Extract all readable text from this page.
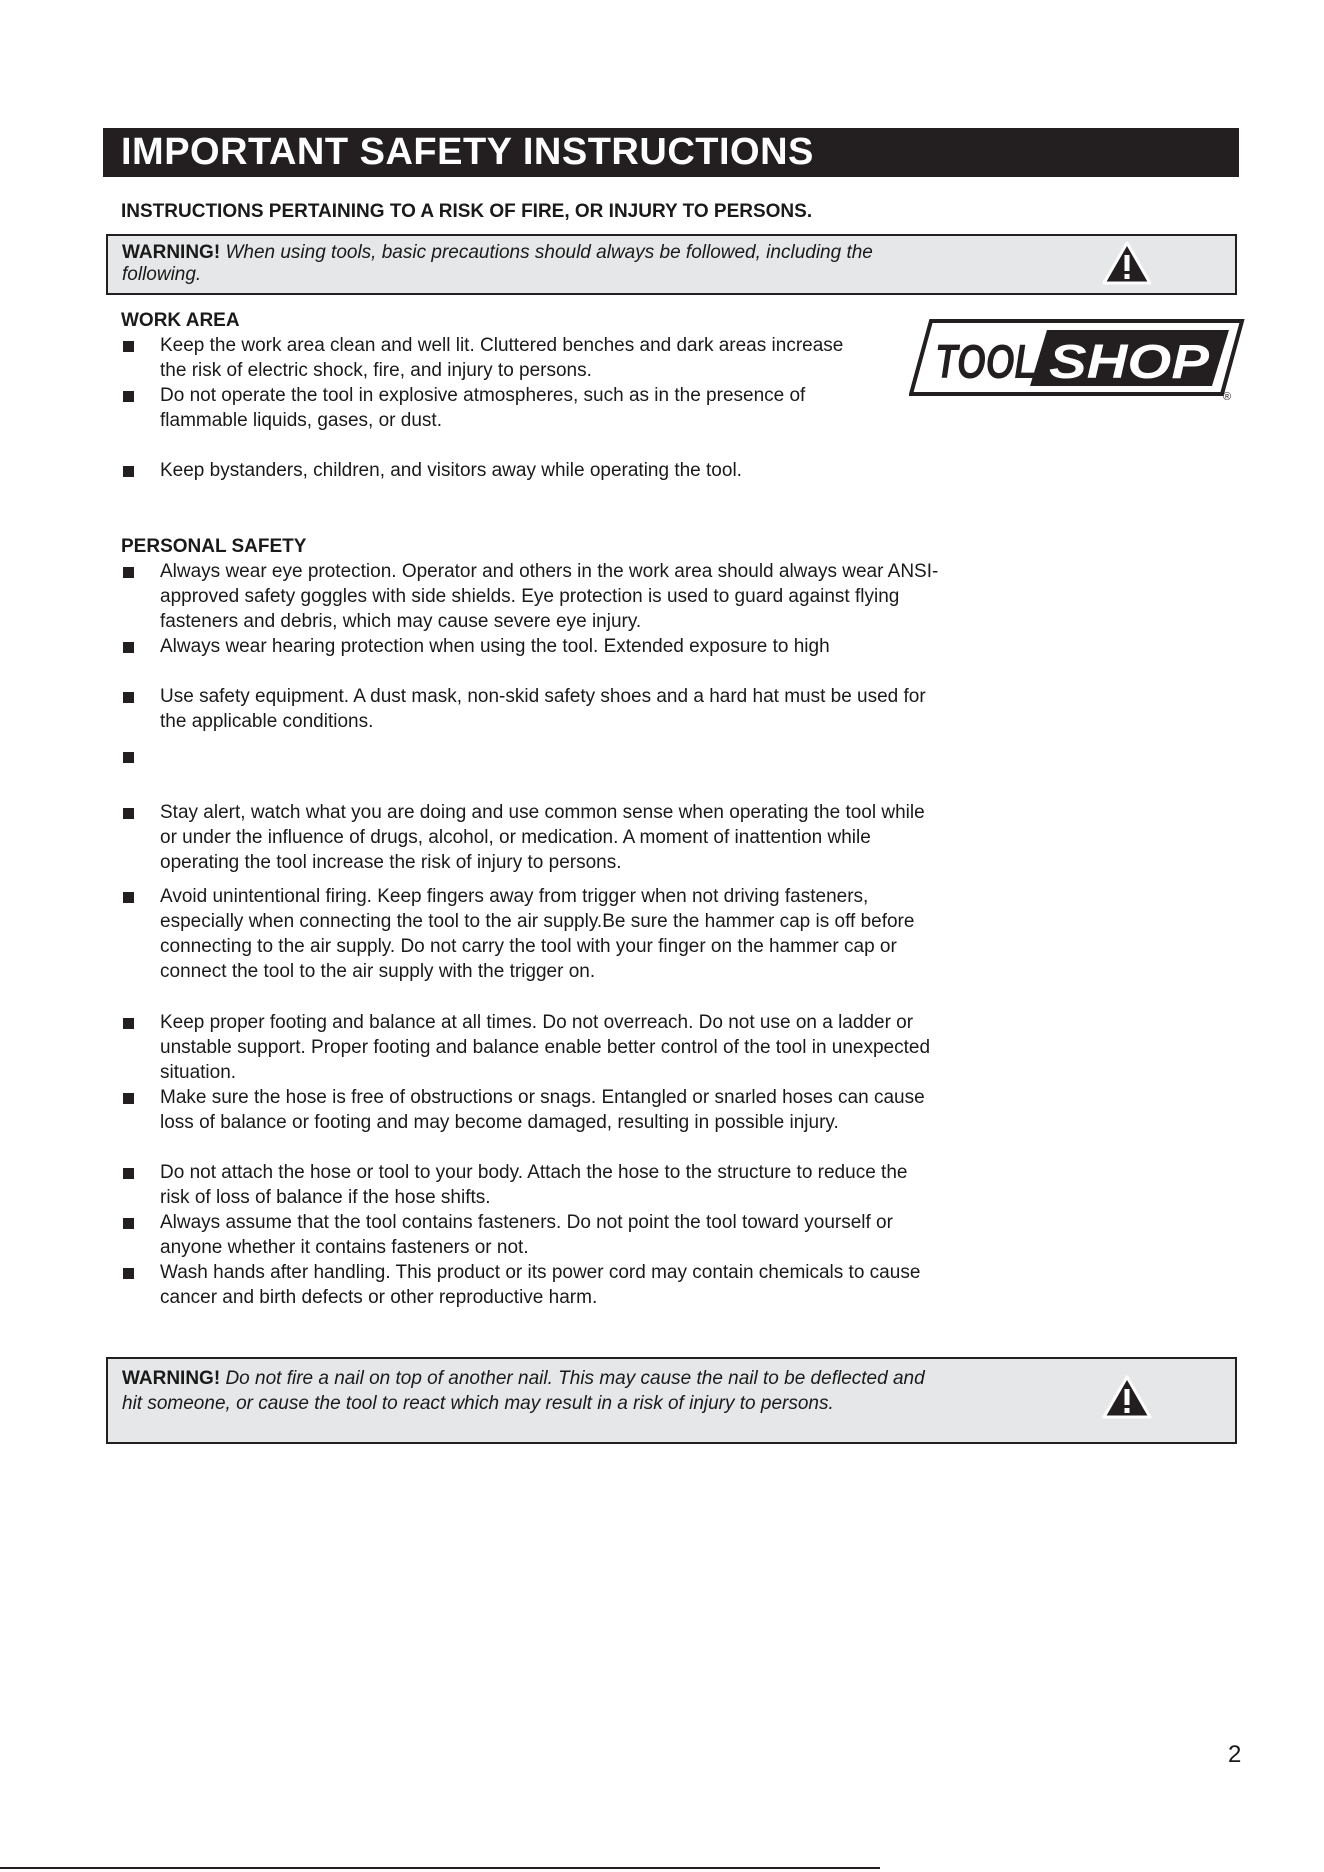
IMPORTANT SAFETY INSTRUCTIONS
INSTRUCTIONS PERTAINING TO A RISK OF FIRE, OR INJURY TO PERSONS.
WARNING! When using tools, basic precautions should always be followed, including the following.
TOOL SHOP
®
WORK AREA
Keep the work area clean and well lit. Cluttered benches and dark areas increase the risk of electric shock, fire, and injury to persons.
Do not operate the tool in explosive atmospheres, such as in the presence of flammable liquids, gases, or dust.
Keep bystanders, children, and visitors away while operating the tool.
PERSONAL SAFETY
Always wear eye protection. Operator and others in the work area should always wear ANSI-approved safety goggles with side shields. Eye protection is used to guard against flying fasteners and debris, which may cause severe eye injury.
Always wear hearing protection when using the tool. Extended exposure to high
Use safety equipment. A dust mask, non-skid safety shoes and a hard hat must be used for the applicable conditions.
Stay alert, watch what you are doing and use common sense when operating the tool while         or under the influence of drugs, alcohol, or medication. A moment of inattention while operating the tool increase the risk of injury to persons.
Avoid unintentional firing. Keep fingers away from trigger when not driving fasteners, especially when connecting the tool to the air supply.Be sure the hammer cap is off before connecting to the air supply. Do not carry the tool with your finger on the hammer cap or connect the tool to the air supply with the trigger on.
Keep proper footing and balance at all times. Do not overreach. Do not use on a ladder or unstable support. Proper footing and balance enable better control of the tool in unexpected situation.
Make sure the hose is free of obstructions or snags. Entangled or snarled hoses can cause loss of balance or footing and may become damaged, resulting in possible injury.
Do not attach the hose or tool to your body. Attach the hose to the structure to reduce the risk of loss of balance if the hose shifts.
Always assume that the tool contains fasteners. Do not point the tool toward yourself or anyone whether it contains fasteners or not.
Wash hands after handling. This product or its power cord may contain chemicals to cause cancer and birth defects or other reproductive harm.
WARNING! Do not fire a nail on top of another nail. This may cause the nail to be deflected and hit someone, or cause the tool to react which may result in a risk of injury to persons.
2
